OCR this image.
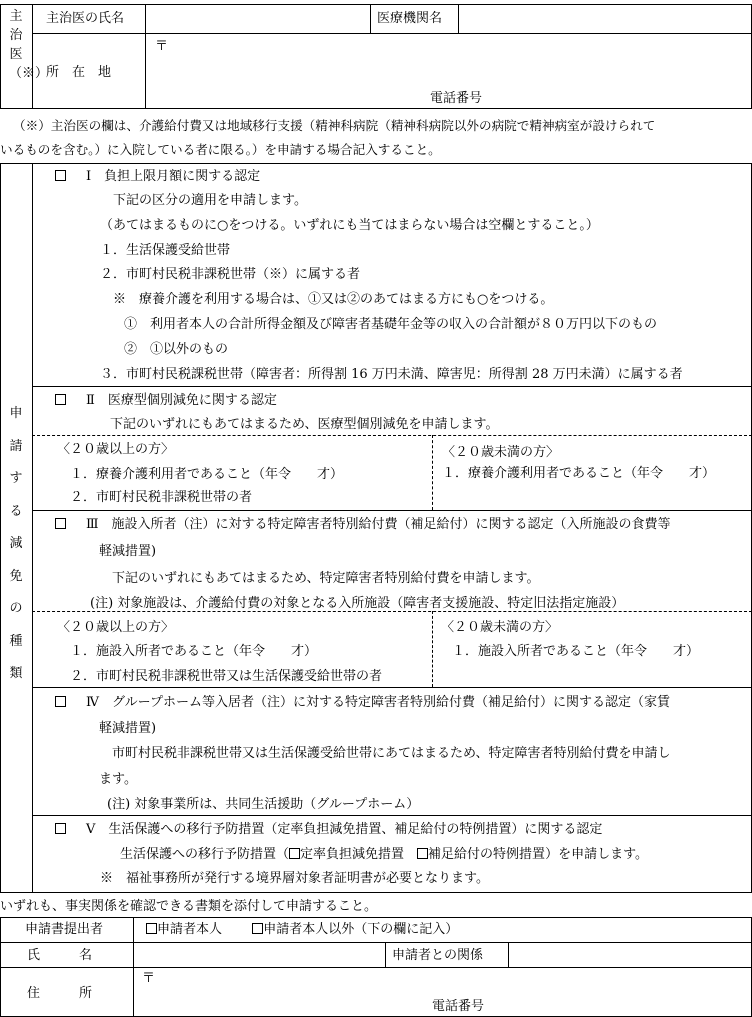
主治医（※）
主治医の氏名	医療機関名
所　在　地
〒
電話番号
（※）主治医の欄は、介護給付費又は地域移行支援（精神科病院（精神科病院以外の病院で精神病室が設けられて
いるものを含む。）に入院している者に限る。）を申請する場合記入すること。
申請する減免の種類
Ⅰ　負担上限月額に関する認定
下記の区分の適用を申請します。
（あてはまるものに○をつける。いずれにも当てはまらない場合は空欄とすること。）
１．生活保護受給世帯
２．市町村民税非課税世帯（※）に属する者
※　療養介護を利用する場合は、①又は②のあてはまる方にも○をつける。
①　利用者本人の合計所得金額及び障害者基礎年金等の収入の合計額が８０万円以下のもの
②　①以外のもの
３．市町村民税課税世帯（障害者：所得割 16 万円未満、障害児：所得割 28 万円未満）に属する者
Ⅱ　医療型個別減免に関する認定
下記のいずれにもあてはまるため、医療型個別減免を申請します。
〈２０歳以上の方〉
１．療養介護利用者であること（年令　　才）
２．市町村民税非課税世帯の者
〈２０歳未満の方〉
１．療養介護利用者であること（年令　　才）
Ⅲ　施設入所者（注）に対する特定障害者特別給付費（補足給付）に関する認定（入所施設の食費等
軽減措置)
下記のいずれにもあてはまるため、特定障害者特別給付費を申請します。
(注) 対象施設は、介護給付費の対象となる入所施設（障害者支援施設、特定旧法指定施設）
〈２０歳以上の方〉
１．施設入所者であること（年令　　才）
２．市町村民税非課税世帯又は生活保護受給世帯の者
〈２０歳未満の方〉
１．施設入所者であること（年令　　才）
Ⅳ　グループホーム等入居者（注）に対する特定障害者特別給付費（補足給付）に関する認定（家賃
軽減措置)
市町村民税非課税世帯又は生活保護受給世帯にあてはまるため、特定障害者特別給付費を申請し
ます。
(注) 対象事業所は、共同生活援助（グループホーム）
Ⅴ　生活保護への移行予防措置（定率負担減免措置、補足給付の特例措置）に関する認定
生活保護への移行予防措置（ 定率負担減免措置　 補足給付の特例措置）を申請します。
※　福祉事務所が発行する境界層対象者証明書が必要となります。
いずれも、事実関係を確認できる書類を添付して申請すること。
申請書提出者	申請者本人	申請者本人以外（下の欄に記入）
氏　　　名	申請者との関係
住　　　所
〒
電話番号
